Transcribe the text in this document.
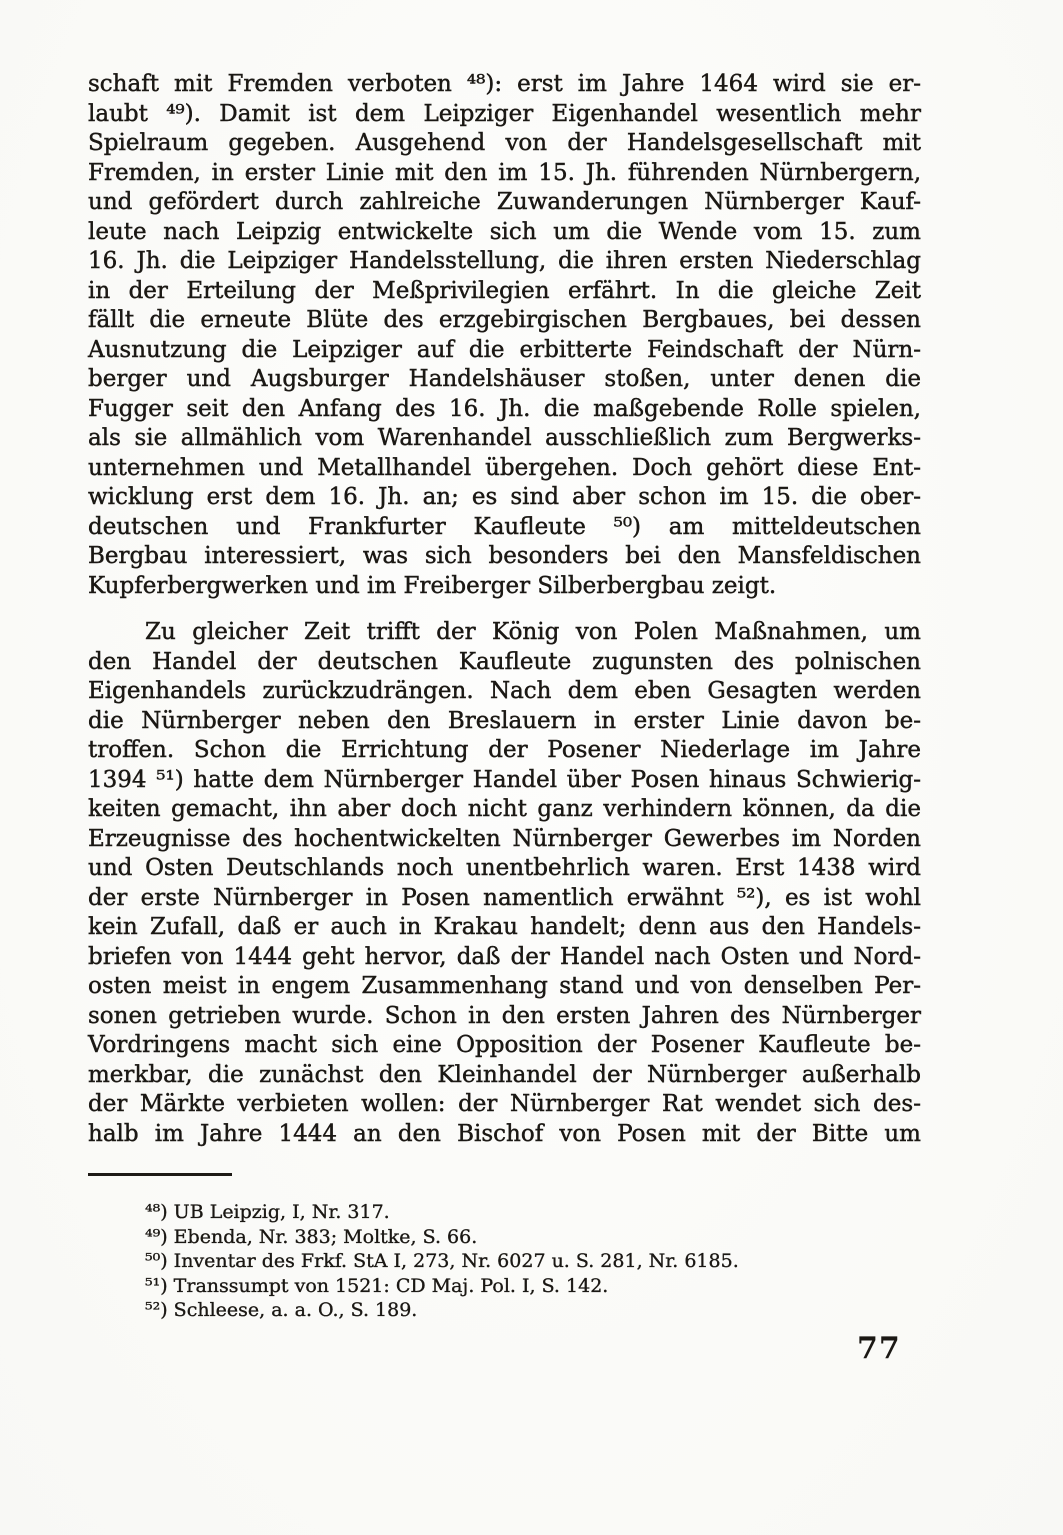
schaft mit Fremden verboten ⁴⁸): erst im Jahre 1464 wird sie er-
laubt ⁴⁹). Damit ist dem Leipziger Eigenhandel wesentlich mehr
Spielraum gegeben. Ausgehend von der Handelsgesellschaft mit
Fremden, in erster Linie mit den im 15. Jh. führenden Nürnbergern,
und gefördert durch zahlreiche Zuwanderungen Nürnberger Kauf-
leute nach Leipzig entwickelte sich um die Wende vom 15. zum
16. Jh. die Leipziger Handelsstellung, die ihren ersten Niederschlag
in der Erteilung der Meßprivilegien erfährt. In die gleiche Zeit
fällt die erneute Blüte des erzgebirgischen Bergbaues, bei dessen
Ausnutzung die Leipziger auf die erbitterte Feindschaft der Nürn-
berger und Augsburger Handelshäuser stoßen, unter denen die
Fugger seit den Anfang des 16. Jh. die maßgebende Rolle spielen,
als sie allmählich vom Warenhandel ausschließlich zum Bergwerks-
unternehmen und Metallhandel übergehen. Doch gehört diese Ent-
wicklung erst dem 16. Jh. an; es sind aber schon im 15. die ober-
deutschen und Frankfurter Kaufleute ⁵⁰) am mitteldeutschen
Bergbau interessiert, was sich besonders bei den Mansfeldischen
Kupferbergwerken und im Freiberger Silberbergbau zeigt.
Zu gleicher Zeit trifft der König von Polen Maßnahmen, um
den Handel der deutschen Kaufleute zugunsten des polnischen
Eigenhandels zurückzudrängen. Nach dem eben Gesagten werden
die Nürnberger neben den Breslauern in erster Linie davon be-
troffen. Schon die Errichtung der Posener Niederlage im Jahre
1394 ⁵¹) hatte dem Nürnberger Handel über Posen hinaus Schwierig-
keiten gemacht, ihn aber doch nicht ganz verhindern können, da die
Erzeugnisse des hochentwickelten Nürnberger Gewerbes im Norden
und Osten Deutschlands noch unentbehrlich waren. Erst 1438 wird
der erste Nürnberger in Posen namentlich erwähnt ⁵²), es ist wohl
kein Zufall, daß er auch in Krakau handelt; denn aus den Handels-
briefen von 1444 geht hervor, daß der Handel nach Osten und Nord-
osten meist in engem Zusammenhang stand und von denselben Per-
sonen getrieben wurde. Schon in den ersten Jahren des Nürnberger
Vordringens macht sich eine Opposition der Posener Kaufleute be-
merkbar, die zunächst den Kleinhandel der Nürnberger außerhalb
der Märkte verbieten wollen: der Nürnberger Rat wendet sich des-
halb im Jahre 1444 an den Bischof von Posen mit der Bitte um
⁴⁸) UB Leipzig, I, Nr. 317.
⁴⁹) Ebenda, Nr. 383; Moltke, S. 66.
⁵⁰) Inventar des Frkf. StA I, 273, Nr. 6027 u. S. 281, Nr. 6185.
⁵¹) Transsumpt von 1521: CD Maj. Pol. I, S. 142.
⁵²) Schleese, a. a. O., S. 189.
77
